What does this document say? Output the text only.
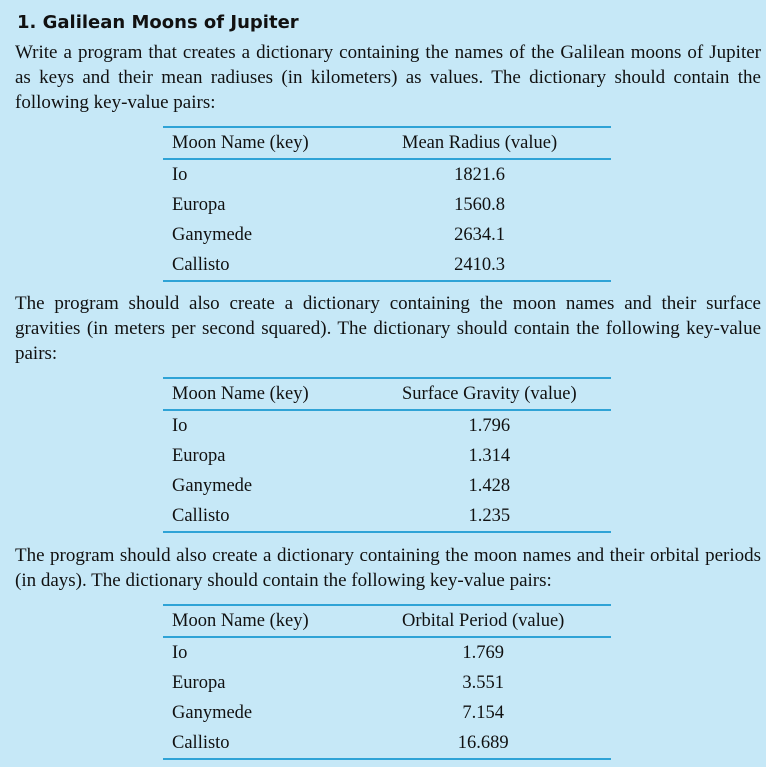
1. Galilean Moons of Jupiter

Write a program that creates a dictionary containing the names of the Galilean moons of Jupiter as keys and their mean radiuses (in kilometers) as values. The dictionary should contain the following key-value pairs:

Moon Name (key)	Mean Radius (value)
Io	1821.6
Europa	1560.8
Ganymede	2634.1
Callisto	2410.3

The program should also create a dictionary containing the moon names and their surface gravities (in meters per second squared). The dictionary should contain the following key-value pairs:

Moon Name (key)	Surface Gravity (value)
Io	1.796
Europa	1.314
Ganymede	1.428
Callisto	1.235

The program should also create a dictionary containing the moon names and their orbital periods (in days). The dictionary should contain the following key-value pairs:

Moon Name (key)	Orbital Period (value)
Io	1.769
Europa	3.551
Ganymede	7.154
Callisto	16.689
